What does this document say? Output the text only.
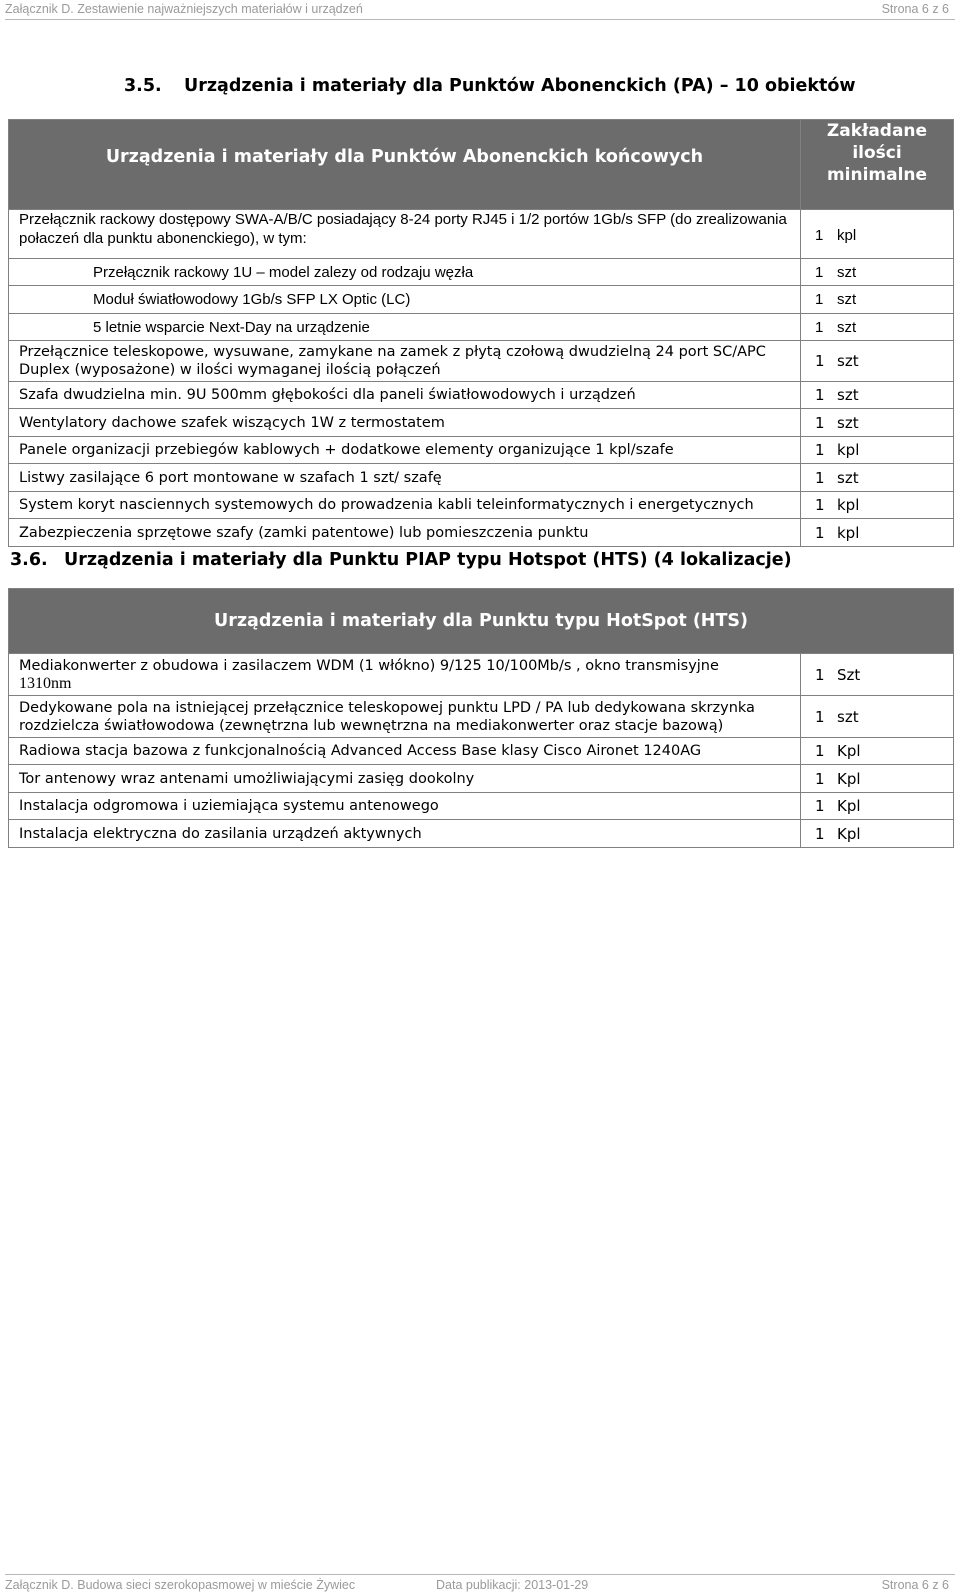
Załącznik D. Zestawienie najważniejszych materiałów i urządzeń	Strona 6 z 6
3.5. Urządzenia i materiały dla Punktów Abonenckich (PA) – 10 obiektów
Urządzenia i materiały dla Punktów Abonenckich końcowych	Zakładane
ilości
minimalne

Przełącznik rackowy dostępowy SWA-A/B/C posiadający 8-24 porty RJ45 i 1/2 portów 1Gb/s SFP (do zrealizowania połaczeń dla punktu abonenckiego), w tym:	1 kpl
Przełącznik rackowy 1U – model zalezy od rodzaju węzła	1 szt
Moduł światłowodowy 1Gb/s SFP LX Optic (LC)	1 szt
5 letnie wsparcie Next-Day na urządzenie	1 szt
Przełącznice teleskopowe, wysuwane, zamykane na zamek z płytą czołową dwudzielną 24 port SC/APC Duplex (wyposażone) w ilości wymaganej ilością połączeń	1 szt
Szafa dwudzielna min. 9U 500mm głębokości dla paneli światłowodowych i urządzeń	1 szt
Wentylatory dachowe szafek wiszących 1W z termostatem	1 szt
Panele organizacji przebiegów kablowych + dodatkowe elementy organizujące 1 kpl/szafe	1 kpl
Listwy zasilające 6 port montowane w szafach 1 szt/ szafę	1 szt
System koryt nasciennych systemowych do prowadzenia kabli teleinformatycznych i energetycznych	1 kpl
Zabezpieczenia sprzętowe szafy (zamki patentowe) lub pomieszczenia punktu	1 kpl
3.6. Urządzenia i materiały dla Punktu PIAP typu Hotspot (HTS) (4 lokalizacje)
Urządzenia i materiały dla Punktu typu HotSpot (HTS)	

Mediakonwerter z obudowa i zasilaczem WDM (1 włókno) 9/125 10/100Mb/s , okno transmisyjne
1310nm	1 Szt
Dedykowane pola na istniejącej przełącznice teleskopowej punktu LPD / PA lub dedykowana skrzynka rozdzielcza światłowodowa (zewnętrzna lub wewnętrzna na mediakonwerter oraz stacje bazową)	1 szt
Radiowa stacja bazowa z funkcjonalnością Advanced Access Base klasy Cisco Aironet 1240AG	1 Kpl
Tor antenowy wraz antenami umożliwiającymi zasięg dookolny	1 Kpl
Instalacja odgromowa i uziemiająca systemu antenowego	1 Kpl
Instalacja elektryczna do zasilania urządzeń aktywnych	1 Kpl
Załącznik D. Budowa sieci szerokopasmowej w mieście Żywiec	Data publikacji: 2013-01-29	Strona 6 z 6
